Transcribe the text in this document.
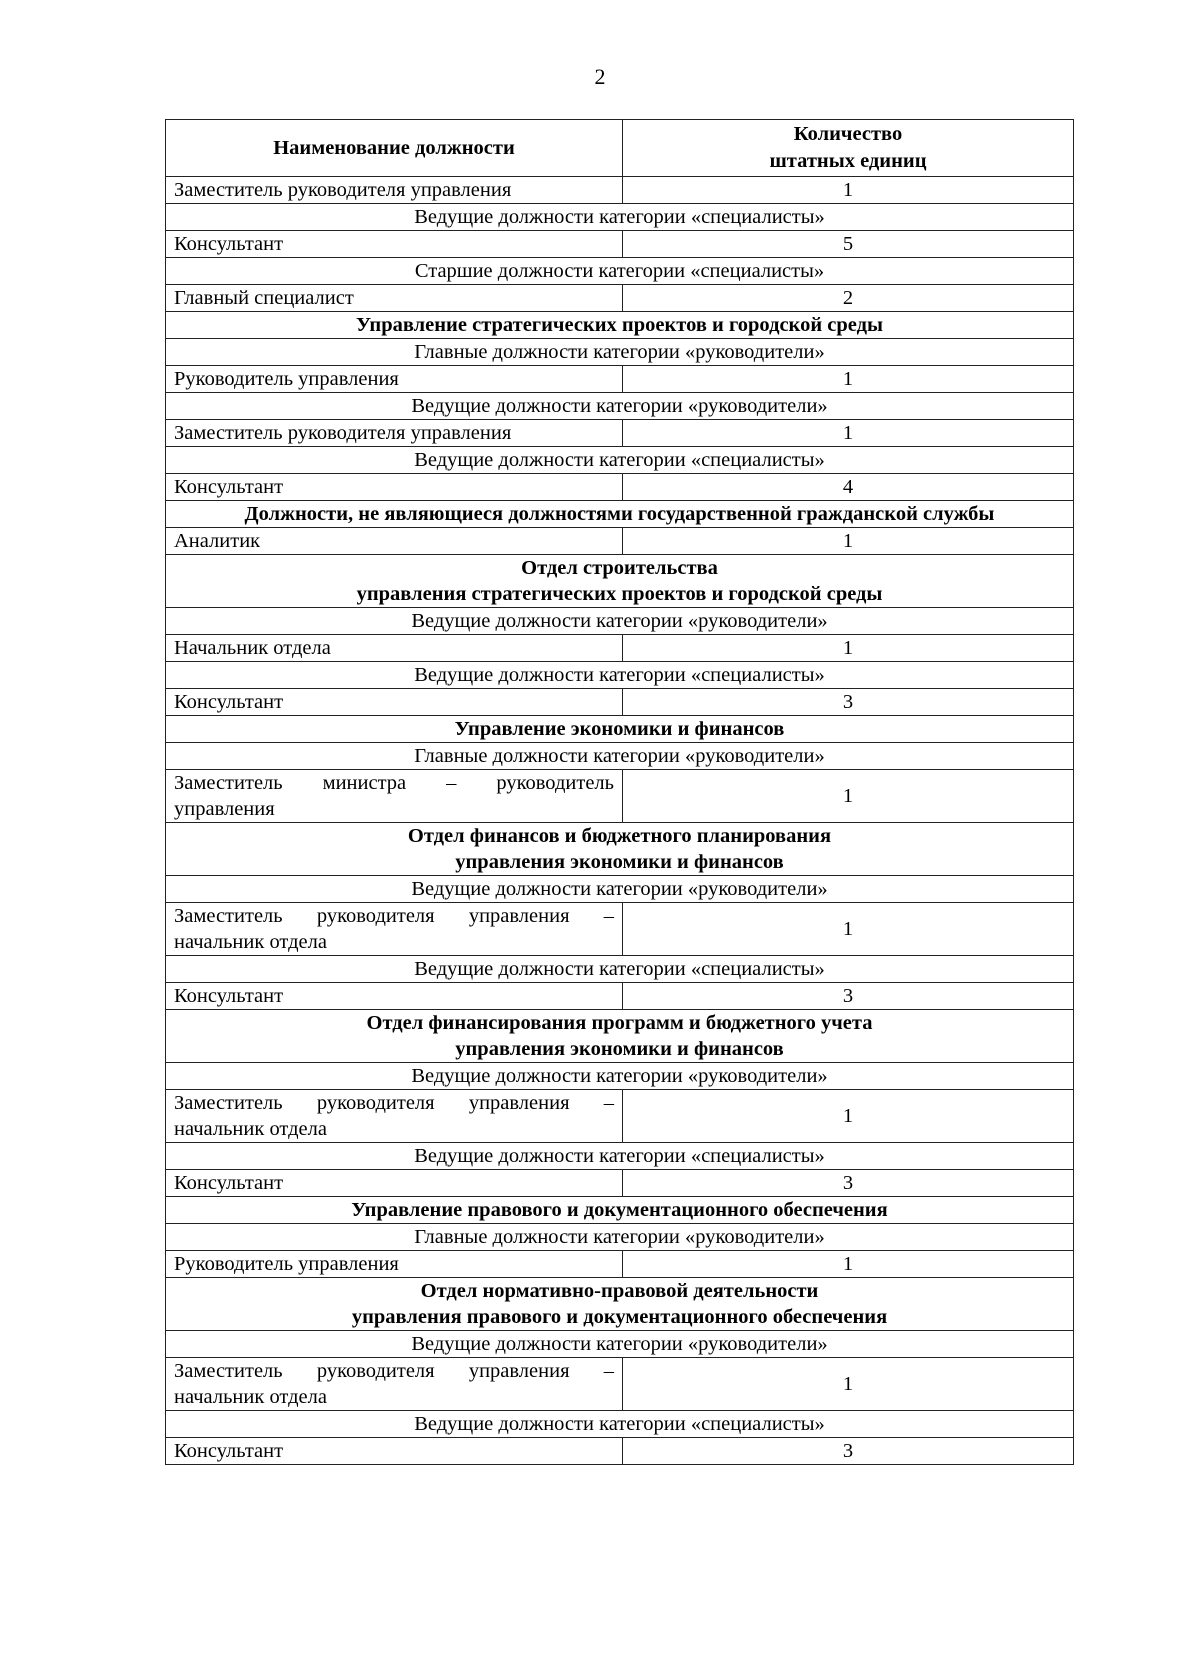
2
Наименование должности	Количество
штатных единиц
Заместитель руководителя управления	1
Ведущие должности категории «специалисты»	
Консультант	5
Старшие должности категории «специалисты»	
Главный специалист	2
Управление стратегических проектов и городской среды	
Главные должности категории «руководители»	
Руководитель управления	1
Ведущие должности категории «руководители»	
Заместитель руководителя управления	1
Ведущие должности категории «специалисты»	
Консультант	4
Должности, не являющиеся должностями государственной гражданской службы	
Аналитик	1
Отдел строительства
управления стратегических проектов и городской среды	
Ведущие должности категории «руководители»	
Начальник отдела	1
Ведущие должности категории «специалисты»	
Консультант	3
Управление экономики и финансов	
Главные должности категории «руководители»	
Заместитель министра – руководитель управления	1
Отдел финансов и бюджетного планирования
управления экономики и финансов	
Ведущие должности категории «руководители»	
Заместитель руководителя управления – начальник отдела	1
Ведущие должности категории «специалисты»	
Консультант	3
Отдел финансирования программ и бюджетного учета
управления экономики и финансов	
Ведущие должности категории «руководители»	
Заместитель руководителя управления – начальник отдела	1
Ведущие должности категории «специалисты»	
Консультант	3
Управление правового и документационного обеспечения	
Главные должности категории «руководители»	
Руководитель управления	1
Отдел нормативно-правовой деятельности
управления правового и документационного обеспечения	
Ведущие должности категории «руководители»	
Заместитель руководителя управления – начальник отдела	1
Ведущие должности категории «специалисты»	
Консультант	3
